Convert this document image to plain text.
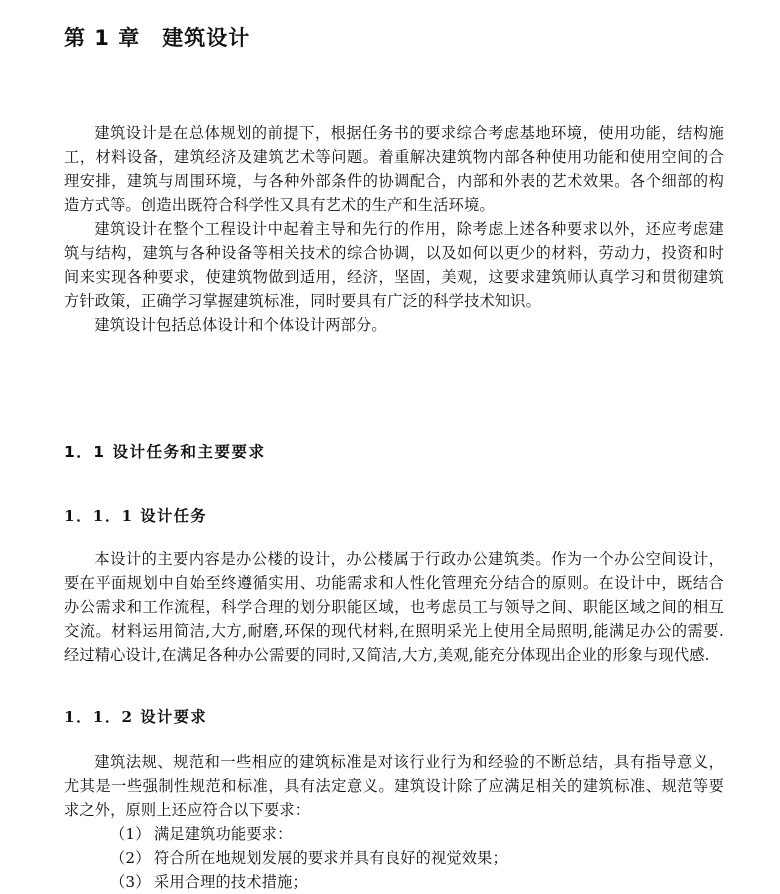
第 1 章 建筑设计

建筑设计是在总体规划的前提下，根据任务书的要求综合考虑基地环境，使用功能，结构施工，材料设备，建筑经济及建筑艺术等问题。着重解决建筑物内部各种使用功能和使用空间的合理安排，建筑与周围环境，与各种外部条件的协调配合，内部和外表的艺术效果。各个细部的构造方式等。创造出既符合科学性又具有艺术的生产和生活环境。

建筑设计在整个工程设计中起着主导和先行的作用，除考虑上述各种要求以外，还应考虑建筑与结构，建筑与各种设备等相关技术的综合协调，以及如何以更少的材料，劳动力，投资和时间来实现各种要求，使建筑物做到适用，经济，坚固，美观，这要求建筑师认真学习和贯彻建筑方针政策，正确学习掌握建筑标准，同时要具有广泛的科学技术知识。

建筑设计包括总体设计和个体设计两部分。

1．1 设计任务和主要要求
1．1．1 设计任务

本设计的主要内容是办公楼的设计，办公楼属于行政办公建筑类。作为一个办公空间设计，要在平面规划中自始至终遵循实用、功能需求和人性化管理充分结合的原则。在设计中，既结合办公需求和工作流程，科学合理的划分职能区域，也考虑员工与领导之间、职能区域之间的相互交流。材料运用简洁,大方,耐磨,环保的现代材料,在照明采光上使用全局照明,能满足办公的需要.经过精心设计,在满足各种办公需要的同时,又简洁,大方,美观,能充分体现出企业的形象与现代感.

1．1．2 设计要求

建筑法规、规范和一些相应的建筑标准是对该行业行为和经验的不断总结，具有指导意义，尤其是一些强制性规范和标准，具有法定意义。建筑设计除了应满足相关的建筑标准、规范等要求之外，原则上还应符合以下要求：

（1） 满足建筑功能要求：
（2） 符合所在地规划发展的要求并具有良好的视觉效果；
（3） 采用合理的技术措施；
